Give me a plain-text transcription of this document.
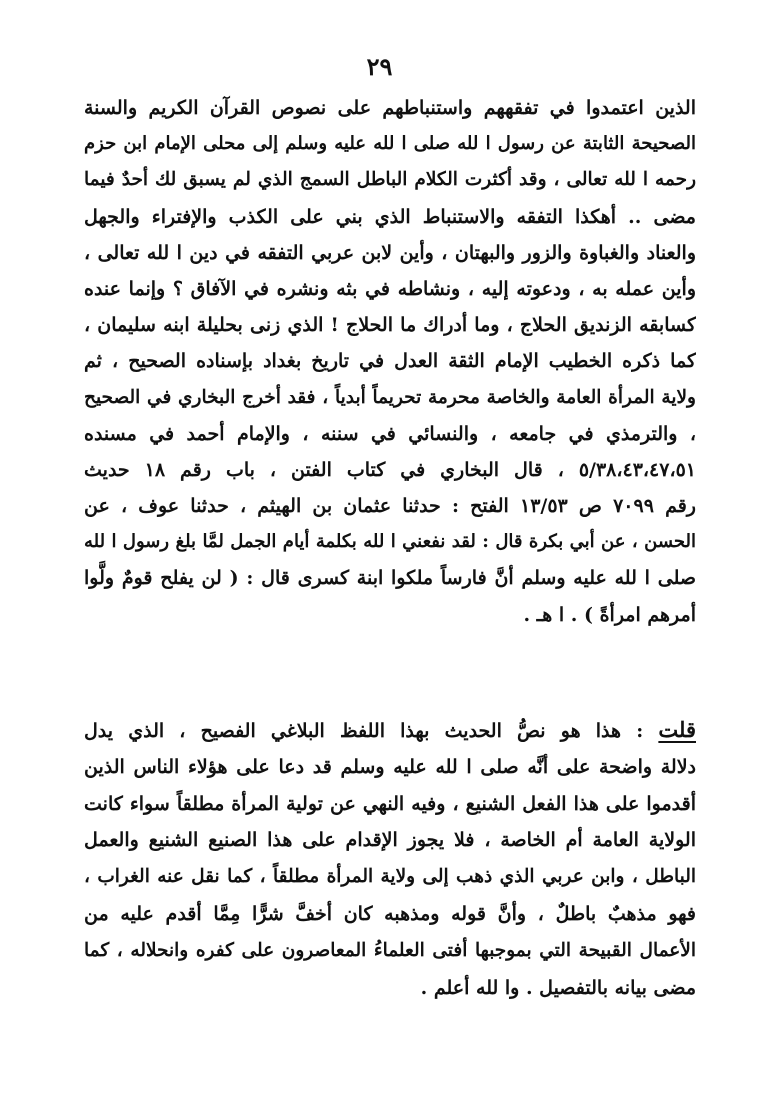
٢٩
الذين اعتمدوا في تفقههم واستنباطهم على نصوص القرآن الكريم والسنة
الصحيحة الثابتة عن رسول ا لله صلى ا لله عليه وسلم إلى محلى الإمام ابن حزم
رحمه ا لله تعالى ، وقد أكثرت الكلام الباطل السمج الذي لم يسبق لك أحدٌ فيما
مضى .. أهكذا التفقه والاستنباط الذي بني على الكذب والإفتراء والجهل
والعناد والغباوة والزور والبهتان ، وأين لابن عربي التفقه في دين ا لله تعالى ،
وأين عمله به ، ودعوته إليه ، ونشاطه في بثه ونشره في الآفاق ؟ وإنما عنده
كسابقه الزنديق الحلاج ، وما أدراك ما الحلاج ! الذي زنى بحليلة ابنه سليمان ،
كما ذكره الخطيب الإمام الثقة العدل في تاريخ بغداد بإسناده الصحيح ، ثم
ولاية المرأة العامة والخاصة محرمة تحريماً أبدياً ، فقد أخرج البخاري في الصحيح
، والترمذي في جامعه ، والنسائي في سننه ، والإمام أحمد في مسنده
٥/٣٨،٤٣،٤٧،٥١ ، قال البخاري في كتاب الفتن ، باب رقم ١٨ حديث
رقم ٧٠٩٩ ص ١٣/٥٣ الفتح : حدثنا عثمان بن الهيثم ، حدثنا عوف ، عن
الحسن ، عن أبي بكرة قال : لقد نفعني ا لله بكلمة أيام الجمل لمَّا بلغ رسول ا لله
صلى ا لله عليه وسلم أنَّ فارساً ملكوا ابنة كسرى قال : ( لن يفلح قومٌ ولَّوا
أمرهم امرأةً ) . ا هـ .
قلت : هذا هو نصُّ الحديث بهذا اللفظ البلاغي الفصيح ، الذي يدل
دلالة واضحة على أنَّه صلى ا لله عليه وسلم قد دعا على هؤلاء الناس الذين
أقدموا على هذا الفعل الشنيع ، وفيه النهي عن تولية المرأة مطلقاً سواء كانت
الولاية العامة أم الخاصة ، فلا يجوز الإقدام على هذا الصنيع الشنيع والعمل
الباطل ، وابن عربي الذي ذهب إلى ولاية المرأة مطلقاً ، كما نقل عنه الغراب ،
فهو مذهبٌ باطلٌ ، وأنَّ قوله ومذهبه كان أخفَّ شرًّا مِمَّا أقدم عليه من
الأعمال القبيحة التي بموجبها أفتى العلماءُ المعاصرون على كفره وانحلاله ، كما
مضى بيانه بالتفصيل . وا لله أعلم .
